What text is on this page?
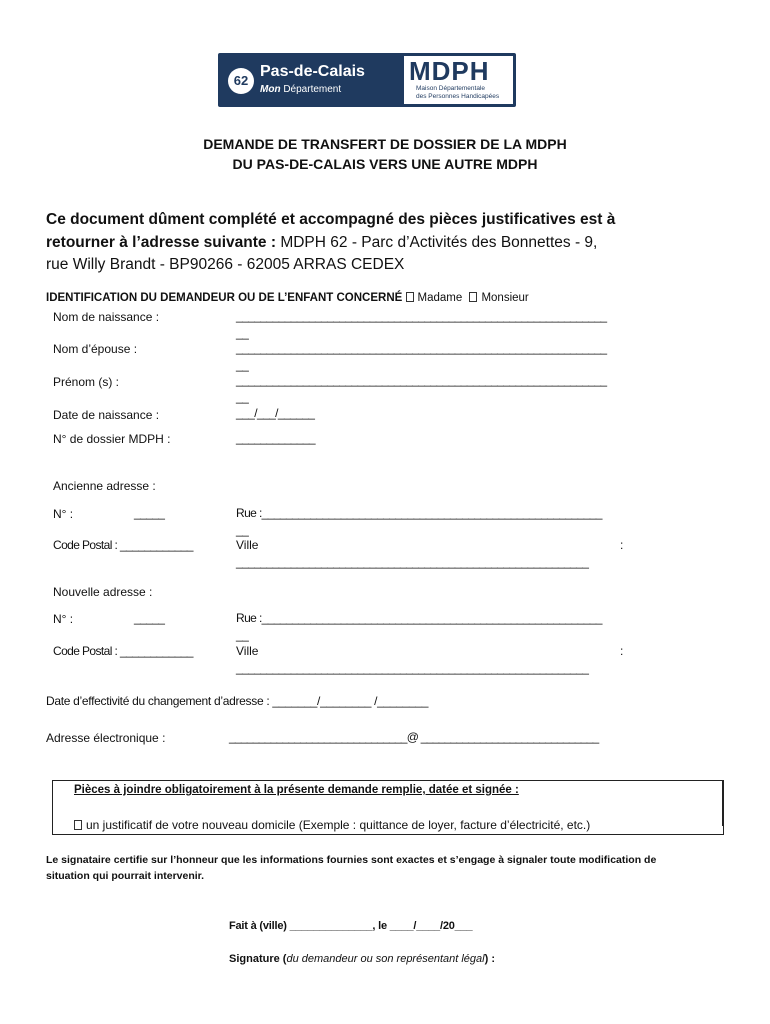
62
Pas-de-Calais
Mon Département
MDPH
Maison Départementale
des Personnes Handicapées
DEMANDE DE TRANSFERT DE DOSSIER DE LA MDPH
DU PAS-DE-CALAIS VERS UNE AUTRE MDPH
Ce document dûment complété et accompagné des pièces justificatives est à
retourner à l’adresse suivante : MDPH 62 - Parc d’Activités des Bonnettes - 9,
rue Willy Brandt - BP90266 - 62005 ARRAS CEDEX
IDENTIFICATION DU DEMANDEUR OU DE L’ENFANT CONCERNÉ Madame Monsieur
Nom de naissance :	_____________________________________________________________
__
Nom d’épouse :	_____________________________________________________________
__
Prénom (s) :	_____________________________________________________________
__
Date de naissance :	___/___/______
N° de dossier MDPH :	_____________
Ancienne adresse :
N° :	_____	Rue :________________________________________________________
__
Code Postal : ____________	Ville	:
__________________________________________________________
Nouvelle adresse :
N° :	_____	Rue :________________________________________________________
__
Code Postal : ____________	Ville	:
__________________________________________________________
Date d’effectivité du changement d’adresse : _______/________ /________
Adresse électronique :	______________________________@ ______________________________
Pièces à joindre obligatoirement à la présente demande remplie, datée et signée :
un justificatif de votre nouveau domicile (Exemple : quittance de loyer, facture d’électricité, etc.)
Le signataire certifie sur l’honneur que les informations fournies sont exactes et s’engage à signaler toute modification de
situation qui pourrait intervenir.
Fait à (ville) ______________, le ____/____/20___
Signature (du demandeur ou son représentant légal) :
